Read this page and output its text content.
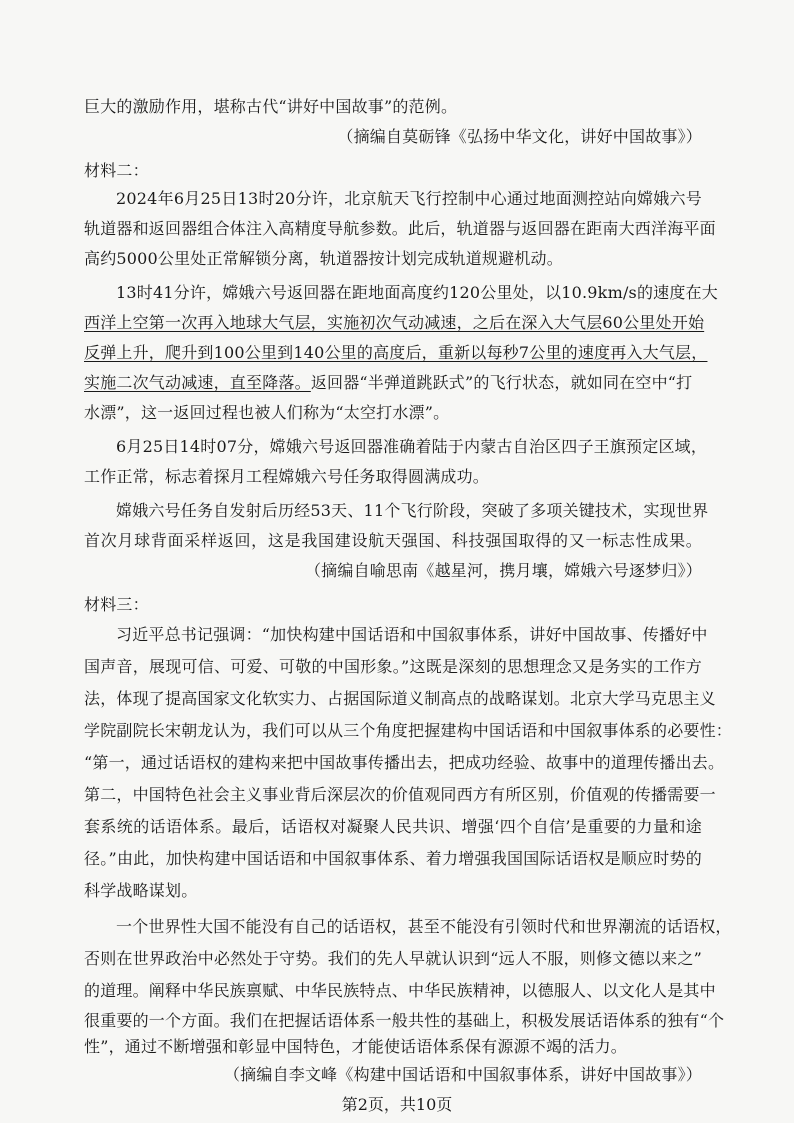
巨大的激励作用，堪称古代“讲好中国故事”的范例。
（摘编自莫砺锋《弘扬中华文化，讲好中国故事》）
材料二：
2024年6月25日13时20分许，北京航天飞行控制中心通过地面测控站向嫦娥六号
轨道器和返回器组合体注入高精度导航参数。此后，轨道器与返回器在距南大西洋海平面
高约5000公里处正常解锁分离，轨道器按计划完成轨道规避机动。
13时41分许，嫦娥六号返回器在距地面高度约120公里处，以10.9km/s的速度在大
西洋上空第一次再入地球大气层，实施初次气动减速，之后在深入大气层60公里处开始
反弹上升，爬升到100公里到140公里的高度后，重新以每秒7公里的速度再入大气层，
实施二次气动减速，直至降落。返回器“半弹道跳跃式”的飞行状态，就如同在空中“打
水漂”，这一返回过程也被人们称为“太空打水漂”。
6月25日14时07分，嫦娥六号返回器准确着陆于内蒙古自治区四子王旗预定区域，
工作正常，标志着探月工程嫦娥六号任务取得圆满成功。
嫦娥六号任务自发射后历经53天、11个飞行阶段，突破了多项关键技术，实现世界
首次月球背面采样返回，这是我国建设航天强国、科技强国取得的又一标志性成果。
（摘编自喻思南《越星河，携月壤，嫦娥六号逐梦归》）
材料三：
习近平总书记强调：“加快构建中国话语和中国叙事体系，讲好中国故事、传播好中
国声音，展现可信、可爱、可敬的中国形象。”这既是深刻的思想理念又是务实的工作方
法，体现了提高国家文化软实力、占据国际道义制高点的战略谋划。北京大学马克思主义
学院副院长宋朝龙认为，我们可以从三个角度把握建构中国话语和中国叙事体系的必要性：
“第一，通过话语权的建构来把中国故事传播出去，把成功经验、故事中的道理传播出去。
第二，中国特色社会主义事业背后深层次的价值观同西方有所区别，价值观的传播需要一
套系统的话语体系。最后，话语权对凝聚人民共识、增强‘四个自信’是重要的力量和途
径。”由此，加快构建中国话语和中国叙事体系、着力增强我国国际话语权是顺应时势的
科学战略谋划。
一个世界性大国不能没有自己的话语权，甚至不能没有引领时代和世界潮流的话语权，
否则在世界政治中必然处于守势。我们的先人早就认识到“远人不服，则修文德以来之”
的道理。阐释中华民族禀赋、中华民族特点、中华民族精神，以德服人、以文化人是其中
很重要的一个方面。我们在把握话语体系一般共性的基础上，积极发展话语体系的独有“个
性”，通过不断增强和彰显中国特色，才能使话语体系保有源源不竭的活力。
（摘编自李文峰《构建中国话语和中国叙事体系，讲好中国故事》）
第2页，共10页
